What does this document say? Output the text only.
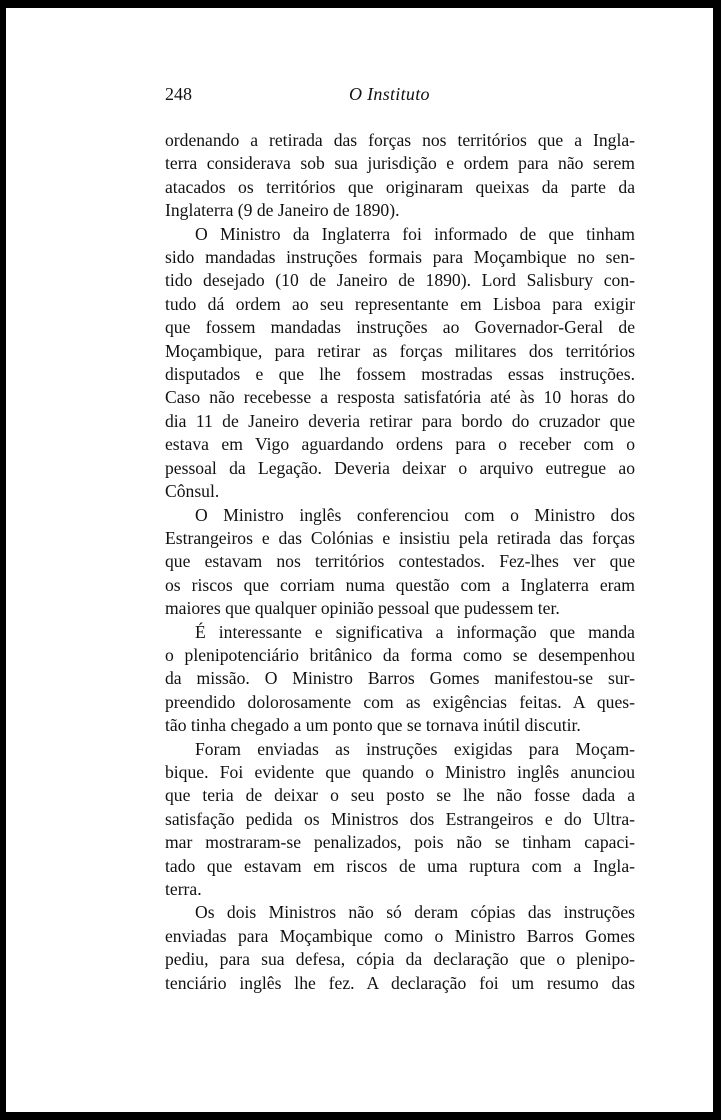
248	O Instituto

ordenando a retirada das forças nos territórios que a Ingla-
terra considerava sob sua jurisdição e ordem para não serem
atacados os territórios que originaram queixas da parte da
Inglaterra (9 de Janeiro de 1890).

O Ministro da Inglaterra foi informado de que tinham
sido mandadas instruções formais para Moçambique no sen-
tido desejado (10 de Janeiro de 1890). Lord Salisbury con-
tudo dá ordem ao seu representante em Lisboa para exigir
que fossem mandadas instruções ao Governador-Geral de
Moçambique, para retirar as forças militares dos territórios
disputados e que lhe fossem mostradas essas instruções.
Caso não recebesse a resposta satisfatória até às 10 horas do
dia 11 de Janeiro deveria retirar para bordo do cruzador que
estava em Vigo aguardando ordens para o receber com o
pessoal da Legação. Deveria deixar o arquivo eutregue ao
Cônsul.

O Ministro inglês conferenciou com o Ministro dos
Estrangeiros e das Colónias e insistiu pela retirada das forças
que estavam nos territórios contestados. Fez-lhes ver que
os riscos que corriam numa questão com a Inglaterra eram
maiores que qualquer opinião pessoal que pudessem ter.

É interessante e significativa a informação que manda
o plenipotenciário britânico da forma como se desempenhou
da missão. O Ministro Barros Gomes manifestou-se sur-
preendido dolorosamente com as exigências feitas. A ques-
tão tinha chegado a um ponto que se tornava inútil discutir.

Foram enviadas as instruções exigidas para Moçam-
bique. Foi evidente que quando o Ministro inglês anunciou
que teria de deixar o seu posto se lhe não fosse dada a
satisfação pedida os Ministros dos Estrangeiros e do Ultra-
mar mostraram-se penalizados, pois não se tinham capaci-
tado que estavam em riscos de uma ruptura com a Ingla-
terra.

Os dois Ministros não só deram cópias das instruções
enviadas para Moçambique como o Ministro Barros Gomes
pediu, para sua defesa, cópia da declaração que o plenipo-
tenciário inglês lhe fez. A declaração foi um resumo das
